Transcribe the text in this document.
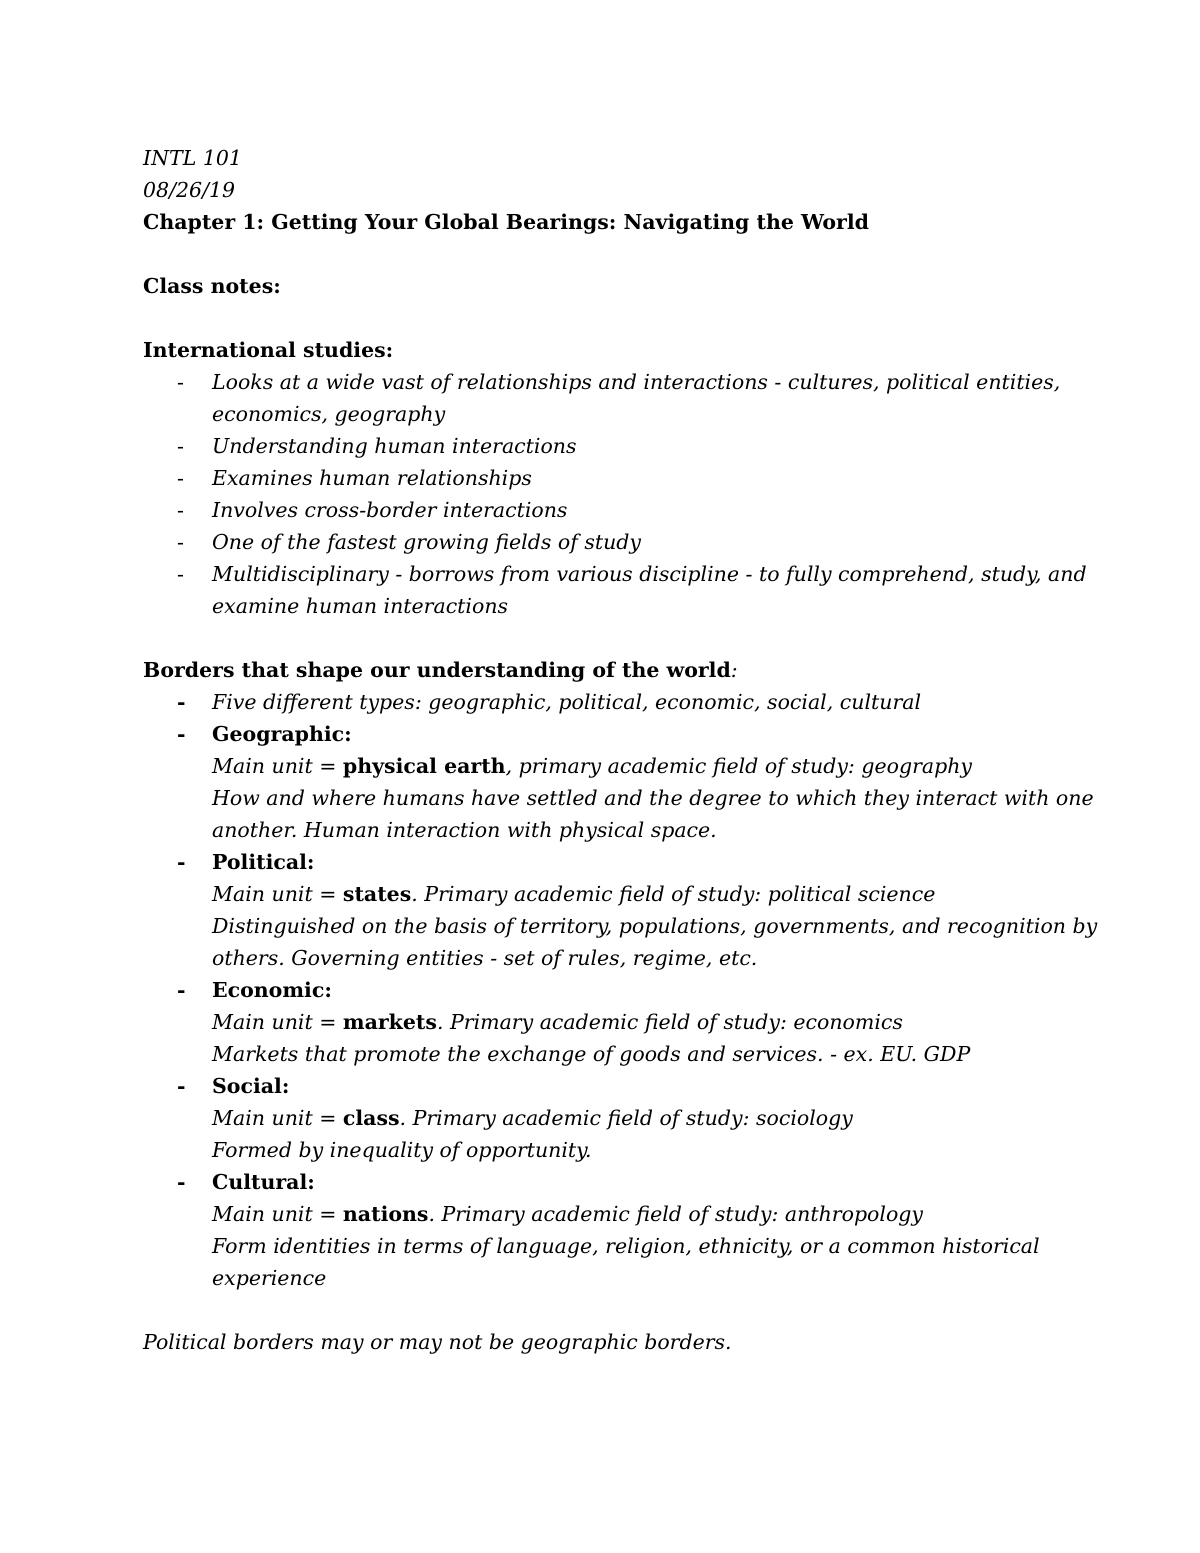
INTL 101

08/26/19

Chapter 1: Getting Your Global Bearings: Navigating the World

Class notes:

International studies:

- Looks at a wide vast of relationships and interactions - cultures, political entities,
economics, geography
- Understanding human interactions
- Examines human relationships
- Involves cross-border interactions
- One of the fastest growing fields of study
- Multidisciplinary - borrows from various discipline - to fully comprehend, study, and
examine human interactions

Borders that shape our understanding of the world:

- Five different types: geographic, political, economic, social, cultural
- Geographic:
Main unit = physical earth, primary academic field of study: geography
How and where humans have settled and the degree to which they interact with one
another. Human interaction with physical space.
- Political:
Main unit = states. Primary academic field of study: political science
Distinguished on the basis of territory, populations, governments, and recognition by
others. Governing entities - set of rules, regime, etc.
- Economic:
Main unit = markets. Primary academic field of study: economics
Markets that promote the exchange of goods and services. - ex. EU. GDP
- Social:
Main unit = class. Primary academic field of study: sociology
Formed by inequality of opportunity.
- Cultural:
Main unit = nations. Primary academic field of study: anthropology
Form identities in terms of language, religion, ethnicity, or a common historical
experience

Political borders may or may not be geographic borders.
